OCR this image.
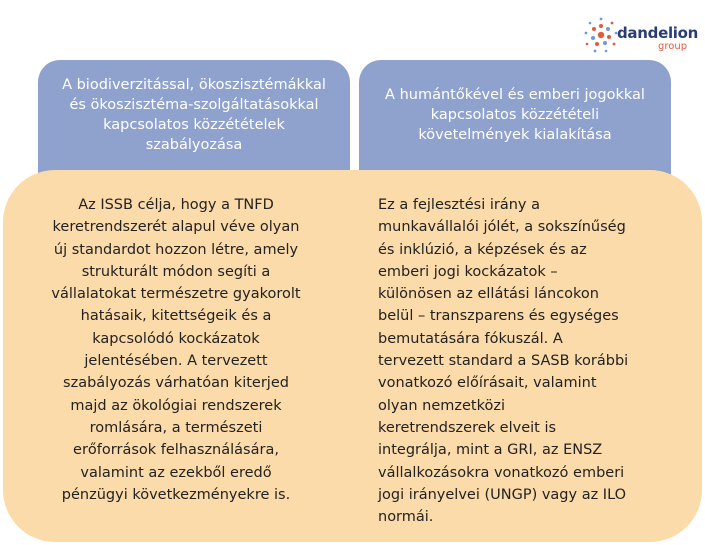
dandelion
group
A biodiverzitással, ökoszisztémákkal
és ökoszisztéma-szolgáltatásokkal
kapcsolatos közzétételek
szabályozása
A humántőkével és emberi jogokkal
kapcsolatos közzétételi
követelmények kialakítása
Az ISSB célja, hogy a TNFD
keretrendszerét alapul véve olyan
új standardot hozzon létre, amely
strukturált módon segíti a
vállalatokat természetre gyakorolt
hatásaik, kitettségeik és a
kapcsolódó kockázatok
jelentésében. A tervezett
szabályozás várhatóan kiterjed
majd az ökológiai rendszerek
romlására, a természeti
erőforrások felhasználására,
valamint az ezekből eredő
pénzügyi következményekre is.
Ez a fejlesztési irány a
munkavállalói jólét, a sokszínűség
és inklúzió, a képzések és az
emberi jogi kockázatok –
különösen az ellátási láncokon
belül – transzparens és egységes
bemutatására fókuszál. A
tervezett standard a SASB korábbi
vonatkozó előírásait, valamint
olyan nemzetközi
keretrendszerek elveit is
integrálja, mint a GRI, az ENSZ
vállalkozásokra vonatkozó emberi
jogi irányelvei (UNGP) vagy az ILO
normái.
